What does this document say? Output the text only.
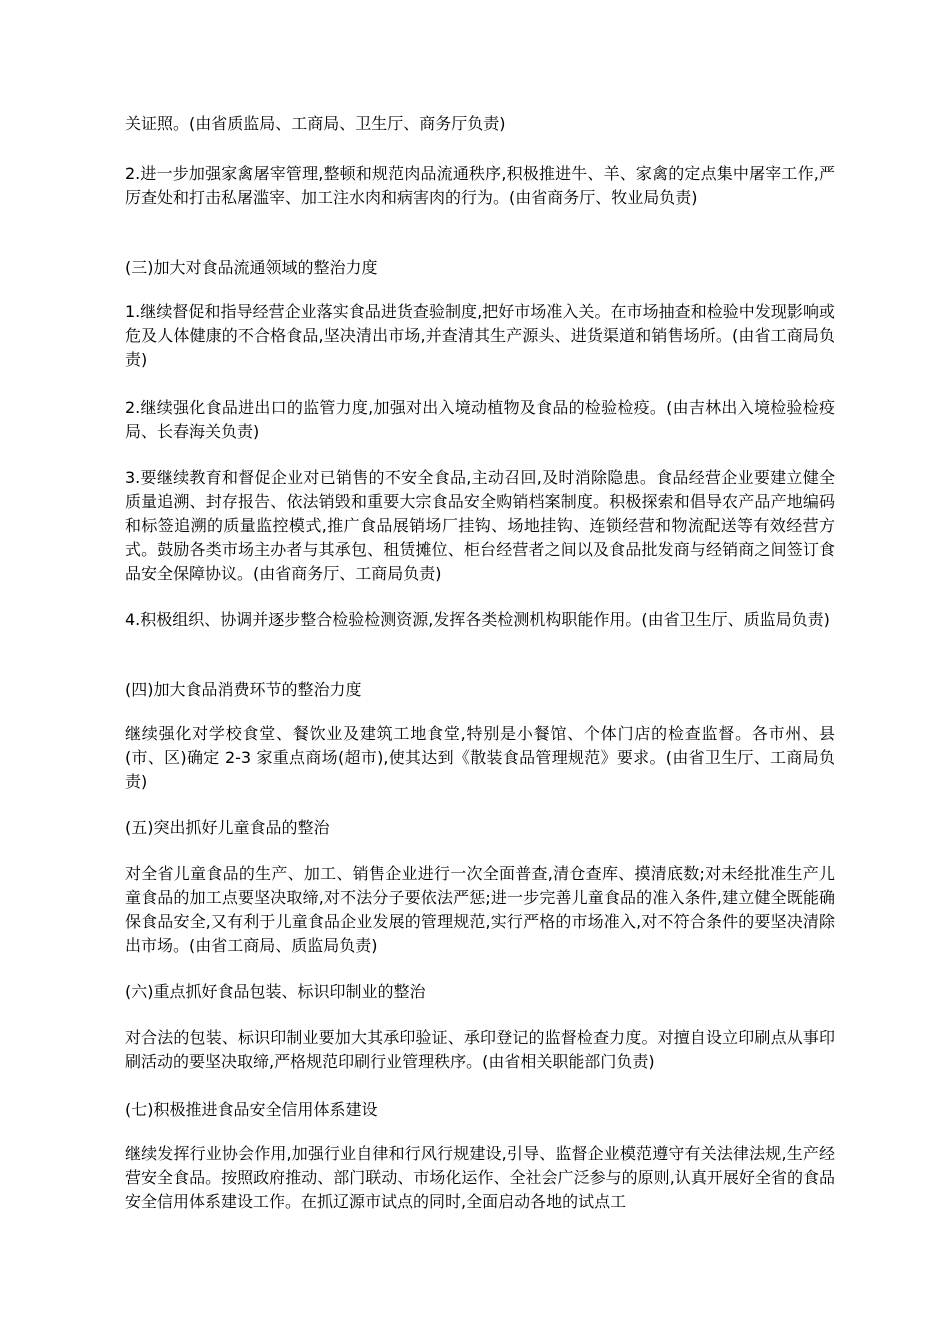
关证照。(由省质监局、工商局、卫生厅、商务厅负责)

2.进一步加强家禽屠宰管理,整顿和规范肉品流通秩序,积极推进牛、羊、家禽的定点集中屠宰工作,严厉查处和打击私屠滥宰、加工注水肉和病害肉的行为。(由省商务厅、牧业局负责)

(三)加大对食品流通领域的整治力度

1.继续督促和指导经营企业落实食品进货查验制度,把好市场准入关。在市场抽查和检验中发现影响或危及人体健康的不合格食品,坚决清出市场,并查清其生产源头、进货渠道和销售场所。(由省工商局负责)

2.继续强化食品进出口的监管力度,加强对出入境动植物及食品的检验检疫。(由吉林出入境检验检疫局、长春海关负责)

3.要继续教育和督促企业对已销售的不安全食品,主动召回,及时消除隐患。食品经营企业要建立健全质量追溯、封存报告、依法销毁和重要大宗食品安全购销档案制度。积极探索和倡导农产品产地编码和标签追溯的质量监控模式,推广食品展销场厂挂钩、场地挂钩、连锁经营和物流配送等有效经营方式。鼓励各类市场主办者与其承包、租赁摊位、柜台经营者之间以及食品批发商与经销商之间签订食品安全保障协议。(由省商务厅、工商局负责)

4.积极组织、协调并逐步整合检验检测资源,发挥各类检测机构职能作用。(由省卫生厅、质监局负责)

(四)加大食品消费环节的整治力度

继续强化对学校食堂、餐饮业及建筑工地食堂,特别是小餐馆、个体门店的检查监督。各市州、县(市、区)确定 2-3 家重点商场(超市),使其达到《散装食品管理规范》要求。(由省卫生厅、工商局负责)

(五)突出抓好儿童食品的整治

对全省儿童食品的生产、加工、销售企业进行一次全面普查,清仓查库、摸清底数;对未经批准生产儿童食品的加工点要坚决取缔,对不法分子要依法严惩;进一步完善儿童食品的准入条件,建立健全既能确保食品安全,又有利于儿童食品企业发展的管理规范,实行严格的市场准入,对不符合条件的要坚决清除出市场。(由省工商局、质监局负责)

(六)重点抓好食品包装、标识印制业的整治

对合法的包装、标识印制业要加大其承印验证、承印登记的监督检查力度。对擅自设立印刷点从事印刷活动的要坚决取缔,严格规范印刷行业管理秩序。(由省相关职能部门负责)

(七)积极推进食品安全信用体系建设

继续发挥行业协会作用,加强行业自律和行风行规建设,引导、监督企业模范遵守有关法律法规,生产经营安全食品。按照政府推动、部门联动、市场化运作、全社会广泛参与的原则,认真开展好全省的食品安全信用体系建设工作。在抓辽源市试点的同时,全面启动各地的试点工
